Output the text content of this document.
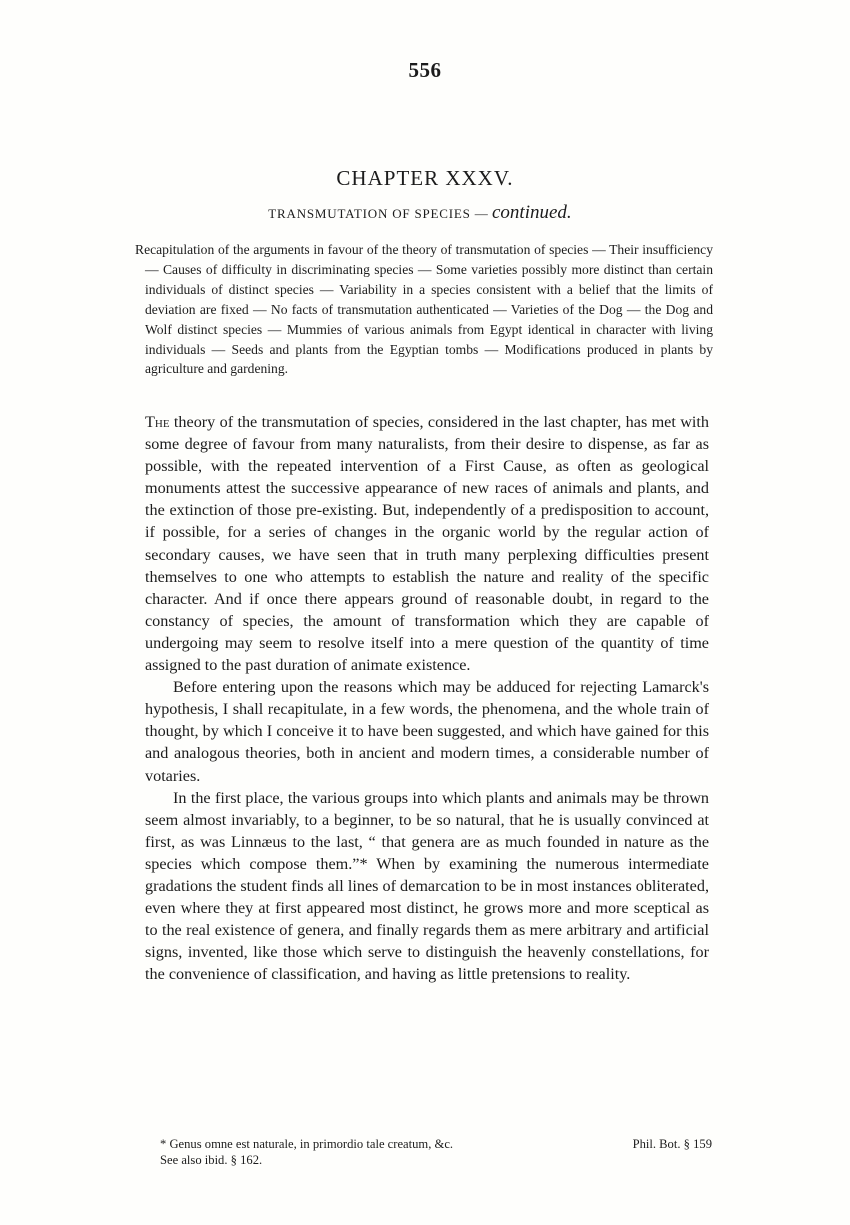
556
CHAPTER XXXV.
TRANSMUTATION OF SPECIES — continued.
Recapitulation of the arguments in favour of the theory of transmutation of species — Their insufficiency — Causes of difficulty in discriminating species — Some varieties possibly more distinct than certain individuals of distinct species — Variability in a species consistent with a belief that the limits of deviation are fixed — No facts of transmutation authenticated — Varieties of the Dog — the Dog and Wolf distinct species — Mummies of various animals from Egypt identical in character with living individuals — Seeds and plants from the Egyptian tombs — Modifications produced in plants by agriculture and gardening.

The theory of the transmutation of species, considered in the last chapter, has met with some degree of favour from many naturalists, from their desire to dispense, as far as possible, with the repeated intervention of a First Cause, as often as geological monuments attest the successive appearance of new races of animals and plants, and the extinction of those pre-existing. But, independently of a predisposition to account, if possible, for a series of changes in the organic world by the regular action of secondary causes, we have seen that in truth many perplexing difficulties present themselves to one who attempts to establish the nature and reality of the specific character. And if once there appears ground of reasonable doubt, in regard to the constancy of species, the amount of transformation which they are capable of undergoing may seem to resolve itself into a mere question of the quantity of time assigned to the past duration of animate existence.

Before entering upon the reasons which may be adduced for rejecting Lamarck's hypothesis, I shall recapitulate, in a few words, the phenomena, and the whole train of thought, by which I conceive it to have been suggested, and which have gained for this and analogous theories, both in ancient and modern times, a considerable number of votaries.

In the first place, the various groups into which plants and animals may be thrown seem almost invariably, to a beginner, to be so natural, that he is usually convinced at first, as was Linnæus to the last, “ that genera are as much founded in nature as the species which compose them.”* When by examining the numerous intermediate gradations the student finds all lines of demarcation to be in most instances obliterated, even where they at first appeared most distinct, he grows more and more sceptical as to the real existence of genera, and finally regards them as mere arbitrary and artificial signs, invented, like those which serve to distinguish the heavenly constellations, for the convenience of classification, and having as little pretensions to reality.

* Genus omne est naturale, in primordio tale creatum, &c.	Phil. Bot. § 159
See also ibid. § 162.
